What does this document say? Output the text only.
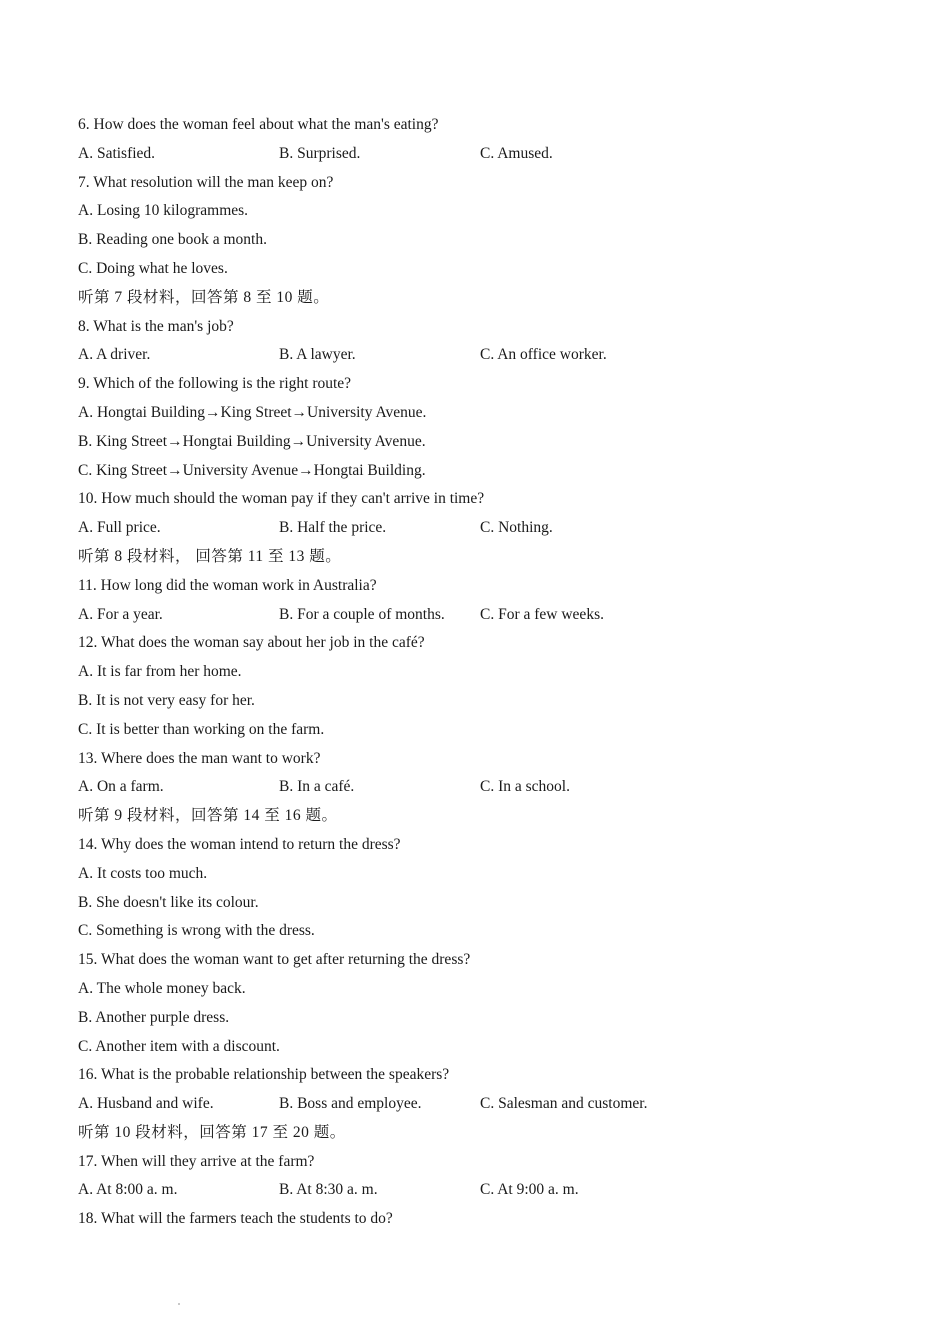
6. How does the woman feel about what the man's eating?
A. Satisfied.	B. Surprised.	C. Amused.
7. What resolution will the man keep on?
A. Losing 10 kilogrammes.
B. Reading one book a month.
C. Doing what he loves.
听第 7 段材料，回答第 8 至 10 题。
8. What is the man's job?
A. A driver.	B. A lawyer.	C. An office worker.
9. Which of the following is the right route?
A. Hongtai Building→King Street→University Avenue.
B. King Street→Hongtai Building→University Avenue.
C. King Street→University Avenue→Hongtai Building.
10. How much should the woman pay if they can't arrive in time?
A. Full price.	B. Half the price.	C. Nothing.
听第 8 段材料， 回答第 11 至 13 题。
11. How long did the woman work in Australia?
A. For a year.	B. For a couple of months. C. For a few weeks.
12. What does the woman say about her job in the café?
A. It is far from her home.
B. It is not very easy for her.
C. It is better than working on the farm.
13. Where does the man want to work?
A. On a farm.	B. In a café.	C. In a school.
听第 9 段材料，回答第 14 至 16 题。
14. Why does the woman intend to return the dress?
A. It costs too much.
B. She doesn't like its colour.
C. Something is wrong with the dress.
15. What does the woman want to get after returning the dress?
A. The whole money back.
B. Another purple dress.
C. Another item with a discount.
16. What is the probable relationship between the speakers?
A. Husband and wife.	B. Boss and employee.	C. Salesman and customer.
听第 10 段材料，回答第 17 至 20 题。
17. When will they arrive at the farm?
A. At 8:00 a. m.	B. At 8:30 a. m.	C. At 9:00 a. m.
18. What will the farmers teach the students to do?
